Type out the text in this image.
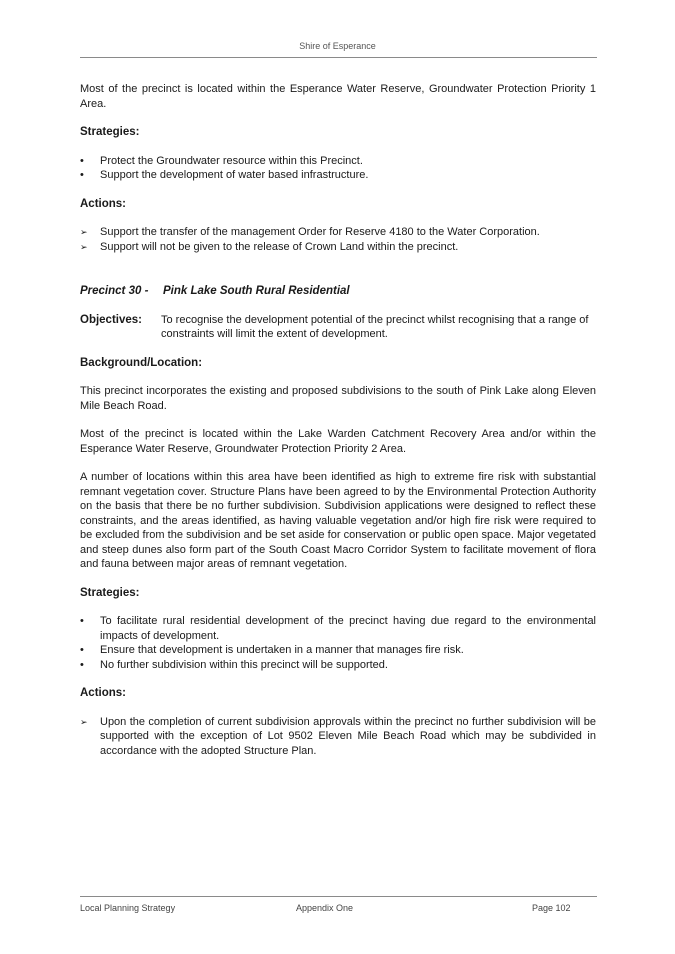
Shire of Esperance

Most of the precinct is located within the Esperance Water Reserve, Groundwater Protection Priority 1 Area.

Strategies:

• Protect the Groundwater resource within this Precinct.
• Support the development of water based infrastructure.

Actions:

➢ Support the transfer of the management Order for Reserve 4180 to the Water Corporation.
➢ Support will not be given to the release of Crown Land within the precinct.

Precinct 30 - Pink Lake South Rural Residential

Objectives:	To recognise the development potential of the precinct whilst recognising that a range of constraints will limit the extent of development.

Background/Location:

This precinct incorporates the existing and proposed subdivisions to the south of Pink Lake along Eleven Mile Beach Road.

Most of the precinct is located within the Lake Warden Catchment Recovery Area and/or within the Esperance Water Reserve, Groundwater Protection Priority 2 Area.

A number of locations within this area have been identified as high to extreme fire risk with substantial remnant vegetation cover. Structure Plans have been agreed to by the Environmental Protection Authority on the basis that there be no further subdivision. Subdivision applications were designed to reflect these constraints, and the areas identified, as having valuable vegetation and/or high fire risk were required to be excluded from the subdivision and be set aside for conservation or public open space. Major vegetated and steep dunes also form part of the South Coast Macro Corridor System to facilitate movement of flora and fauna between major areas of remnant vegetation.

Strategies:

• To facilitate rural residential development of the precinct having due regard to the environmental impacts of development.
• Ensure that development is undertaken in a manner that manages fire risk.
• No further subdivision within this precinct will be supported.

Actions:

➢ Upon the completion of current subdivision approvals within the precinct no further subdivision will be supported with the exception of Lot 9502 Eleven Mile Beach Road which may be subdivided in accordance with the adopted Structure Plan.
Local Planning Strategy	Appendix One	Page 102
